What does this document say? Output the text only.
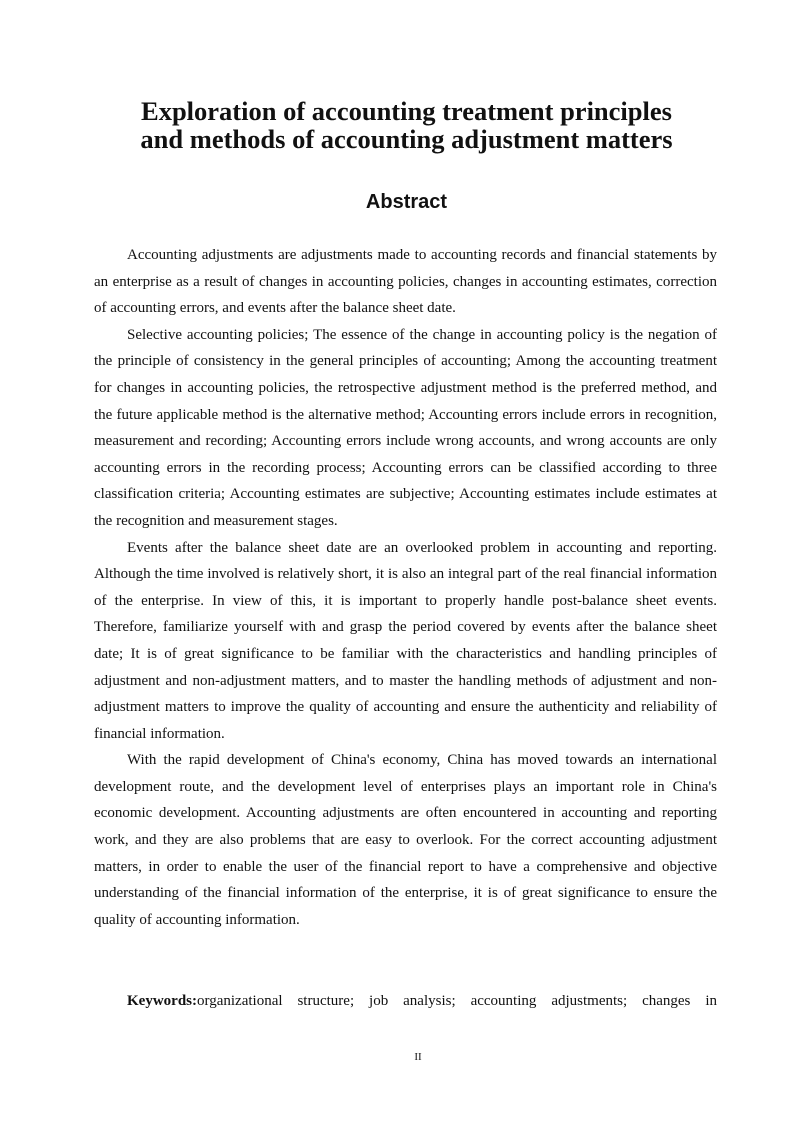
Exploration of accounting treatment principles
and methods of accounting adjustment matters
Abstract

Accounting adjustments are adjustments made to accounting records and financial statements by an enterprise as a result of changes in accounting policies, changes in accounting estimates, correction of accounting errors, and events after the balance sheet date.

Selective accounting policies; The essence of the change in accounting policy is the negation of the principle of consistency in the general principles of accounting; Among the accounting treatment for changes in accounting policies, the retrospective adjustment method is the preferred method, and the future applicable method is the alternative method; Accounting errors include errors in recognition, measurement and recording; Accounting errors include wrong accounts, and wrong accounts are only accounting errors in the recording process; Accounting errors can be classified according to three classification criteria; Accounting estimates are subjective; Accounting estimates include estimates at the recognition and measurement stages.

Events after the balance sheet date are an overlooked problem in accounting and reporting. Although the time involved is relatively short, it is also an integral part of the real financial information of the enterprise. In view of this, it is important to properly handle post-balance sheet events. Therefore, familiarize yourself with and grasp the period covered by events after the balance sheet date; It is of great significance to be familiar with the characteristics and handling principles of adjustment and non-adjustment matters, and to master the handling methods of adjustment and non-adjustment matters to improve the quality of accounting and ensure the authenticity and reliability of financial information.

With the rapid development of China's economy, China has moved towards an international development route, and the development level of enterprises plays an important role in China's economic development. Accounting adjustments are often encountered in accounting and reporting work, and they are also problems that are easy to overlook. For the correct accounting adjustment matters, in order to enable the user of the financial report to have a comprehensive and objective understanding of the financial information of the enterprise, it is of great significance to ensure the quality of accounting information.

Keywords:organizational structure; job analysis; accounting adjustments; changes in

II
